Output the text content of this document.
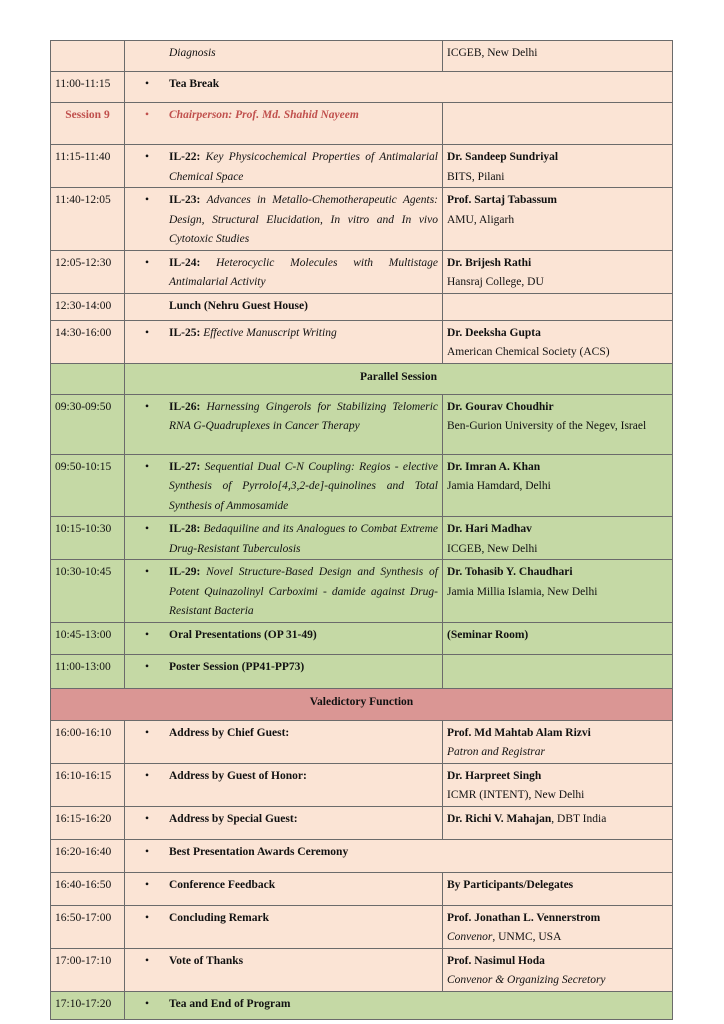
	Diagnosis	ICGEB, New Delhi

11:00-11:15	• Tea Break	

Session 9	• Chairperson: Prof. Md. Shahid Nayeem	

11:15-11:40	• IL-22: Key Physicochemical Properties of Antimalarial Chemical Space	Dr. Sandeep Sundriyal
BITS, Pilani

11:40-12:05	• IL-23: Advances in Metallo-Chemotherapeutic Agents: Design, Structural Elucidation, In vitro and In vivo Cytotoxic Studies	Prof. Sartaj Tabassum
AMU, Aligarh

12:05-12:30	• IL-24: Heterocyclic Molecules with Multistage Antimalarial Activity	Dr. Brijesh Rathi
Hansraj College, DU

12:30-14:00	Lunch (Nehru Guest House)	
14:30-16:00	• IL-25: Effective Manuscript Writing	Dr. Deeksha Gupta
American Chemical Society (ACS)

	Parallel Session	
09:30-09:50	• IL-26: Harnessing Gingerols for Stabilizing Telomeric RNA G-Quadruplexes in Cancer Therapy	Dr. Gourav Choudhir
Ben-Gurion University of the Negev, Israel

09:50-10:15	• IL-27: Sequential Dual C-N Coupling: Regios - elective Synthesis of Pyrrolo[4,3,2-de]-quinolines and Total Synthesis of Ammosamide	Dr. Imran A. Khan
Jamia Hamdard, Delhi

10:15-10:30	• IL-28: Bedaquiline and its Analogues to Combat Extreme Drug-Resistant Tuberculosis	Dr. Hari Madhav
ICGEB, New Delhi

10:30-10:45	• IL-29: Novel Structure-Based Design and Synthesis of Potent Quinazolinyl Carboximi - damide against Drug-Resistant Bacteria	Dr. Tohasib Y. Chaudhari
Jamia Millia Islamia, New Delhi

10:45-13:00	• Oral Presentations (OP 31-49)	(Seminar Room)
11:00-13:00	• Poster Session (PP41-PP73)	

Valedictory Function		
16:00-16:10	• Address by Chief Guest:	Prof. Md Mahtab Alam Rizvi
Patron and Registrar

16:10-16:15	• Address by Guest of Honor:	Dr. Harpreet Singh
ICMR (INTENT), New Delhi

16:15-16:20	• Address by Special Guest:	Dr. Richi V. Mahajan, DBT India
16:20-16:40	• Best Presentation Awards Ceremony	

16:40-16:50	• Conference Feedback	By Participants/Delegates
16:50-17:00	• Concluding Remark	Prof. Jonathan L. Vennerstrom
Convenor, UNMC, USA

17:00-17:10	• Vote of Thanks	Prof. Nasimul Hoda
Convenor & Organizing Secretory

17:10-17:20	• Tea and End of Program	
